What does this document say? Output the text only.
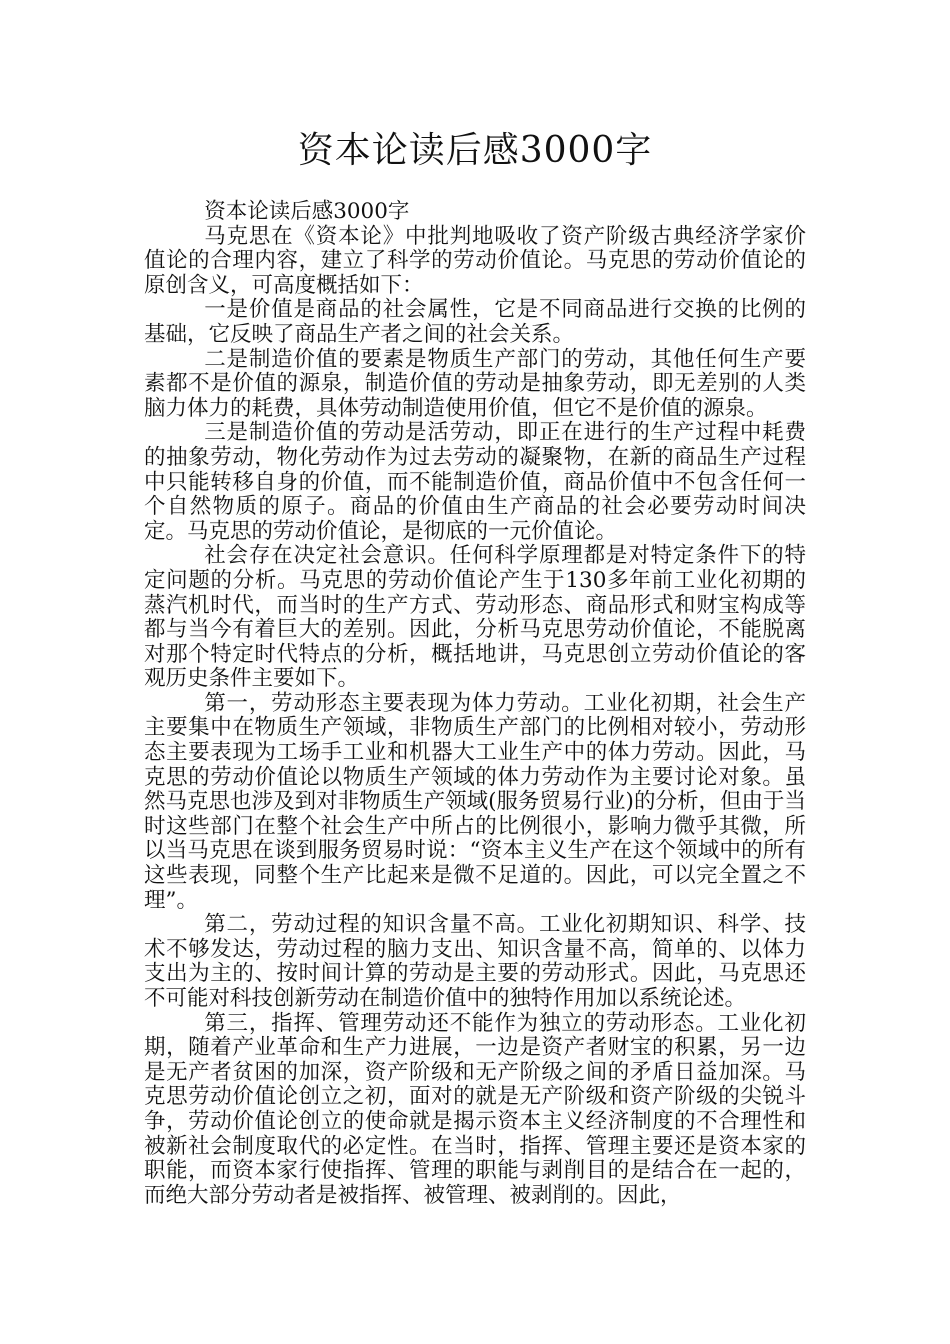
资本论读后感3000字

资本论读后感3000字

马克思在《资本论》中批判地吸收了资产阶级古典经济学家价值论的合理内容，建立了科学的劳动价值论。马克思的劳动价值论的原创含义，可高度概括如下：

一是价值是商品的社会属性，它是不同商品进行交换的比例的基础，它反映了商品生产者之间的社会关系。

二是制造价值的要素是物质生产部门的劳动，其他任何生产要素都不是价值的源泉，制造价值的劳动是抽象劳动，即无差别的人类脑力体力的耗费，具体劳动制造使用价值，但它不是价值的源泉。

三是制造价值的劳动是活劳动，即正在进行的生产过程中耗费的抽象劳动，物化劳动作为过去劳动的凝聚物，在新的商品生产过程中只能转移自身的价值，而不能制造价值，商品价值中不包含任何一个自然物质的原子。商品的价值由生产商品的社会必要劳动时间决定。马克思的劳动价值论，是彻底的一元价值论。

社会存在决定社会意识。任何科学原理都是对特定条件下的特定问题的分析。马克思的劳动价值论产生于130多年前工业化初期的蒸汽机时代，而当时的生产方式、劳动形态、商品形式和财宝构成等都与当今有着巨大的差别。因此，分析马克思劳动价值论，不能脱离对那个特定时代特点的分析，概括地讲，马克思创立劳动价值论的客观历史条件主要如下。

第一，劳动形态主要表现为体力劳动。工业化初期，社会生产主要集中在物质生产领域，非物质生产部门的比例相对较小，劳动形态主要表现为工场手工业和机器大工业生产中的体力劳动。因此，马克思的劳动价值论以物质生产领域的体力劳动作为主要讨论对象。虽然马克思也涉及到对非物质生产领域(服务贸易行业)的分析，但由于当时这些部门在整个社会生产中所占的比例很小，影响力微乎其微，所以当马克思在谈到服务贸易时说：“资本主义生产在这个领域中的所有这些表现，同整个生产比起来是微不足道的。因此，可以完全置之不理”。

第二，劳动过程的知识含量不高。工业化初期知识、科学、技术不够发达，劳动过程的脑力支出、知识含量不高，简单的、以体力支出为主的、按时间计算的劳动是主要的劳动形式。因此，马克思还不可能对科技创新劳动在制造价值中的独特作用加以系统论述。

第三，指挥、管理劳动还不能作为独立的劳动形态。工业化初期，随着产业革命和生产力进展，一边是资产者财宝的积累，另一边是无产者贫困的加深，资产阶级和无产阶级之间的矛盾日益加深。马克思劳动价值论创立之初，面对的就是无产阶级和资产阶级的尖锐斗争，劳动价值论创立的使命就是揭示资本主义经济制度的不合理性和被新社会制度取代的必定性。在当时，指挥、管理主要还是资本家的职能，而资本家行使指挥、管理的职能与剥削目的是结合在一起的，而绝大部分劳动者是被指挥、被管理、被剥削的。因此，
